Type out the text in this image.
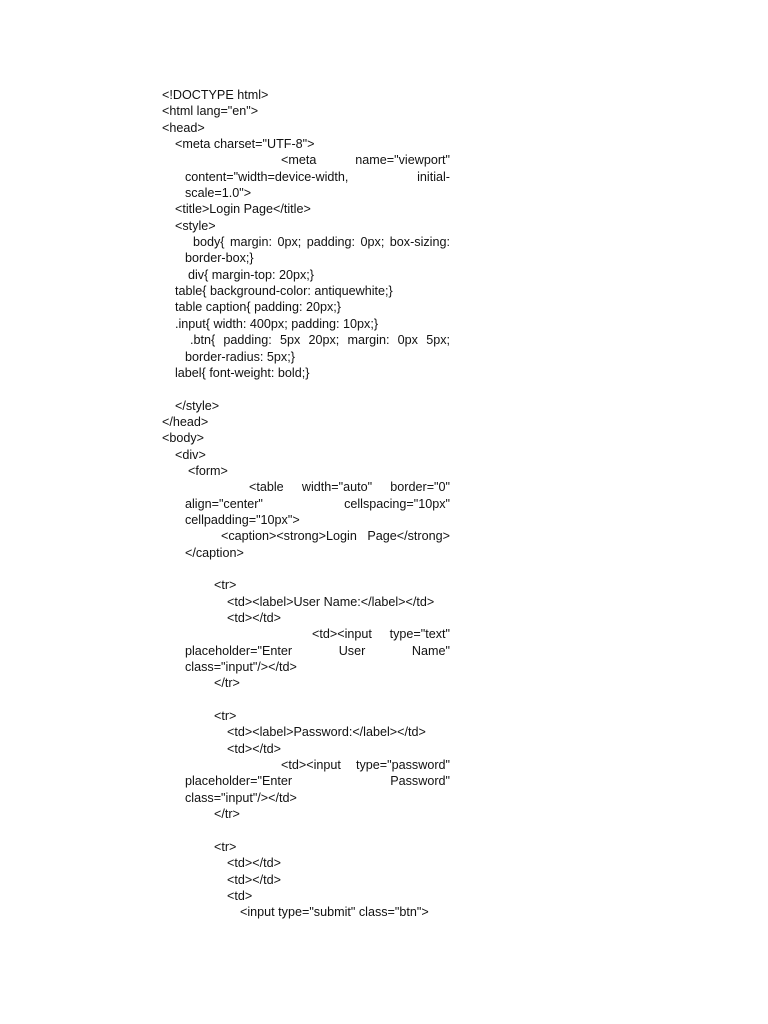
<!DOCTYPE html>
<html lang="en">
<head>
<meta charset="UTF-8">
<meta name="viewport"
content="width=device-width, initial-
scale=1.0">
<title>Login Page</title>
<style>
body{ margin: 0px; padding: 0px; box-sizing:
border-box;}
div{ margin-top: 20px;}
table{ background-color: antiquewhite;}
table caption{ padding: 20px;}
.input{ width: 400px; padding: 10px;}
.btn{ padding: 5px 20px; margin: 0px 5px;
border-radius: 5px;}
label{ font-weight: bold;}
</style>
</head>
<body>
<div>
<form>
<table width="auto" border="0"
align="center" cellspacing="10px"
cellpadding="10px">
<caption><strong>Login Page</strong>
</caption>
<tr>
<td><label>User Name:</label></td>
<td></td>
<td><input type="text"
placeholder="Enter User Name"
class="input"/></td>
</tr>
<tr>
<td><label>Password:</label></td>
<td></td>
<td><input type="password"
placeholder="Enter Password"
class="input"/></td>
</tr>
<tr>
<td></td>
<td></td>
<td>
<input type="submit" class="btn">
